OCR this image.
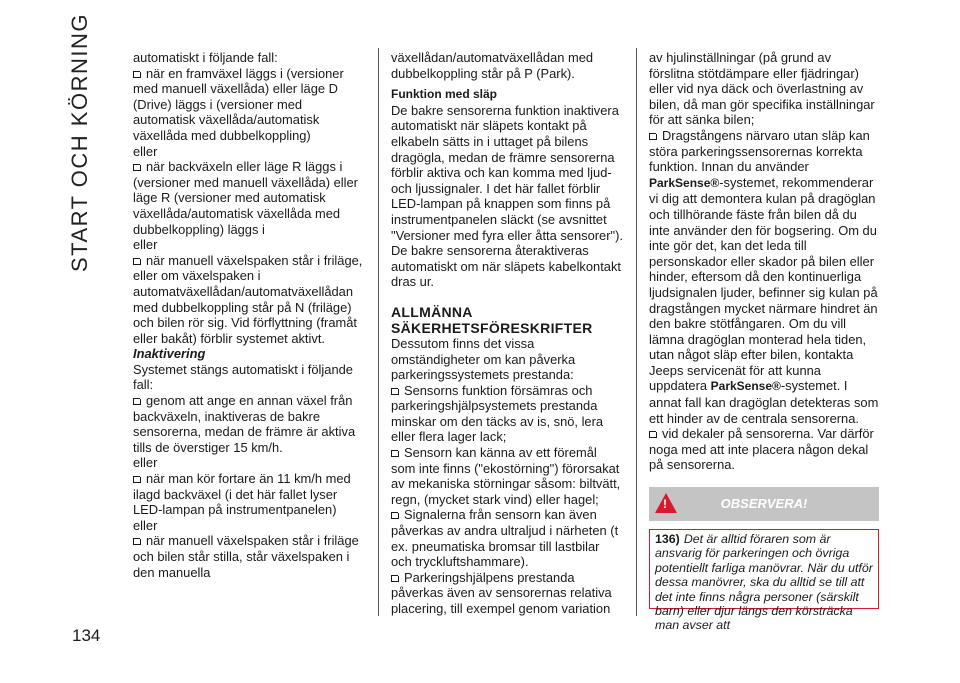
START OCH KÖRNING
134

automatiskt i följande fall:

när en framväxel läggs i (versioner med manuell växellåda) eller läge D (Drive) läggs i (versioner med automatisk växellåda/automatisk växellåda med dubbelkoppling)

eller

när backväxeln eller läge R läggs i (versioner med manuell växellåda) eller läge R (versioner med automatisk växellåda/automatisk växellåda med dubbelkoppling) läggs i

eller

när manuell växelspaken står i friläge, eller om växelspaken i automatväxellådan/automatväxellådan med dubbelkoppling står på N (friläge) och bilen rör sig. Vid förflyttning (framåt eller bakåt) förblir systemet aktivt.

Inaktivering

Systemet stängs automatiskt i följande fall:

genom att ange en annan växel från backväxeln, inaktiveras de bakre sensorerna, medan de främre är aktiva tills de överstiger 15 km/h.

eller

när man kör fortare än 11 km/h med ilagd backväxel (i det här fallet lyser LED-lampan på instrumentpanelen)

eller

när manuell växelspaken står i friläge och bilen står stilla, står växelspaken i den manuella

växellådan/automatväxellådan med dubbelkoppling står på P (Park).

Funktion med släp

De bakre sensorerna funktion inaktivera automatiskt när släpets kontakt på elkabeln sätts in i uttaget på bilens dragögla, medan de främre sensorerna förblir aktiva och kan komma med ljud- och ljussignaler. I det här fallet förblir LED-lampan på knappen som finns på instrumentpanelen släckt (se avsnittet "Versioner med fyra eller åtta sensorer"). De bakre sensorerna återaktiveras automatiskt om när släpets kabelkontakt dras ur.

ALLMÄNNA
SÄKERHETSFÖRESKRIFTER

Dessutom finns det vissa omständigheter om kan påverka parkeringssystemets prestanda:

Sensorns funktion försämras och parkeringshjälpsystemets prestanda minskar om den täcks av is, snö, lera eller flera lager lack;

Sensorn kan känna av ett föremål som inte finns ("ekostörning") förorsakat av mekaniska störningar såsom: biltvätt, regn, (mycket stark vind) eller hagel;

Signalerna från sensorn kan även påverkas av andra ultraljud i närheten (t ex. pneumatiska bromsar till lastbilar och tryckluftshammare).

Parkeringshjälpens prestanda påverkas även av sensorernas relativa placering, till exempel genom variation

av hjulinställningar (på grund av förslitna stötdämpare eller fjädringar) eller vid nya däck och överlastning av bilen, då man gör specifika inställningar för att sänka bilen;

Dragstångens närvaro utan släp kan störa parkeringssensorernas korrekta funktion. Innan du använder ParkSense®-systemet, rekommenderar vi dig att demontera kulan på dragöglan och tillhörande fäste från bilen då du inte använder den för bogsering. Om du inte gör det, kan det leda till personskador eller skador på bilen eller hinder, eftersom då den kontinuerliga ljudsignalen ljuder, befinner sig kulan på dragstången mycket närmare hindret än den bakre stötfångaren. Om du vill lämna dragöglan monterad hela tiden, utan något släp efter bilen, kontakta Jeeps servicenät för att kunna uppdatera ParkSense®-systemet. I annat fall kan dragöglan detekteras som ett hinder av de centrala sensorerna.

vid dekaler på sensorerna. Var därför noga med att inte placera någon dekal på sensorerna.

!	OBSERVERA!
136) Det är alltid föraren som är ansvarig för parkeringen och övriga potentiellt farliga manövrar. När du utför dessa manövrer, ska du alltid se till att det inte finns några personer (särskilt barn) eller djur längs den körsträcka man avser att
